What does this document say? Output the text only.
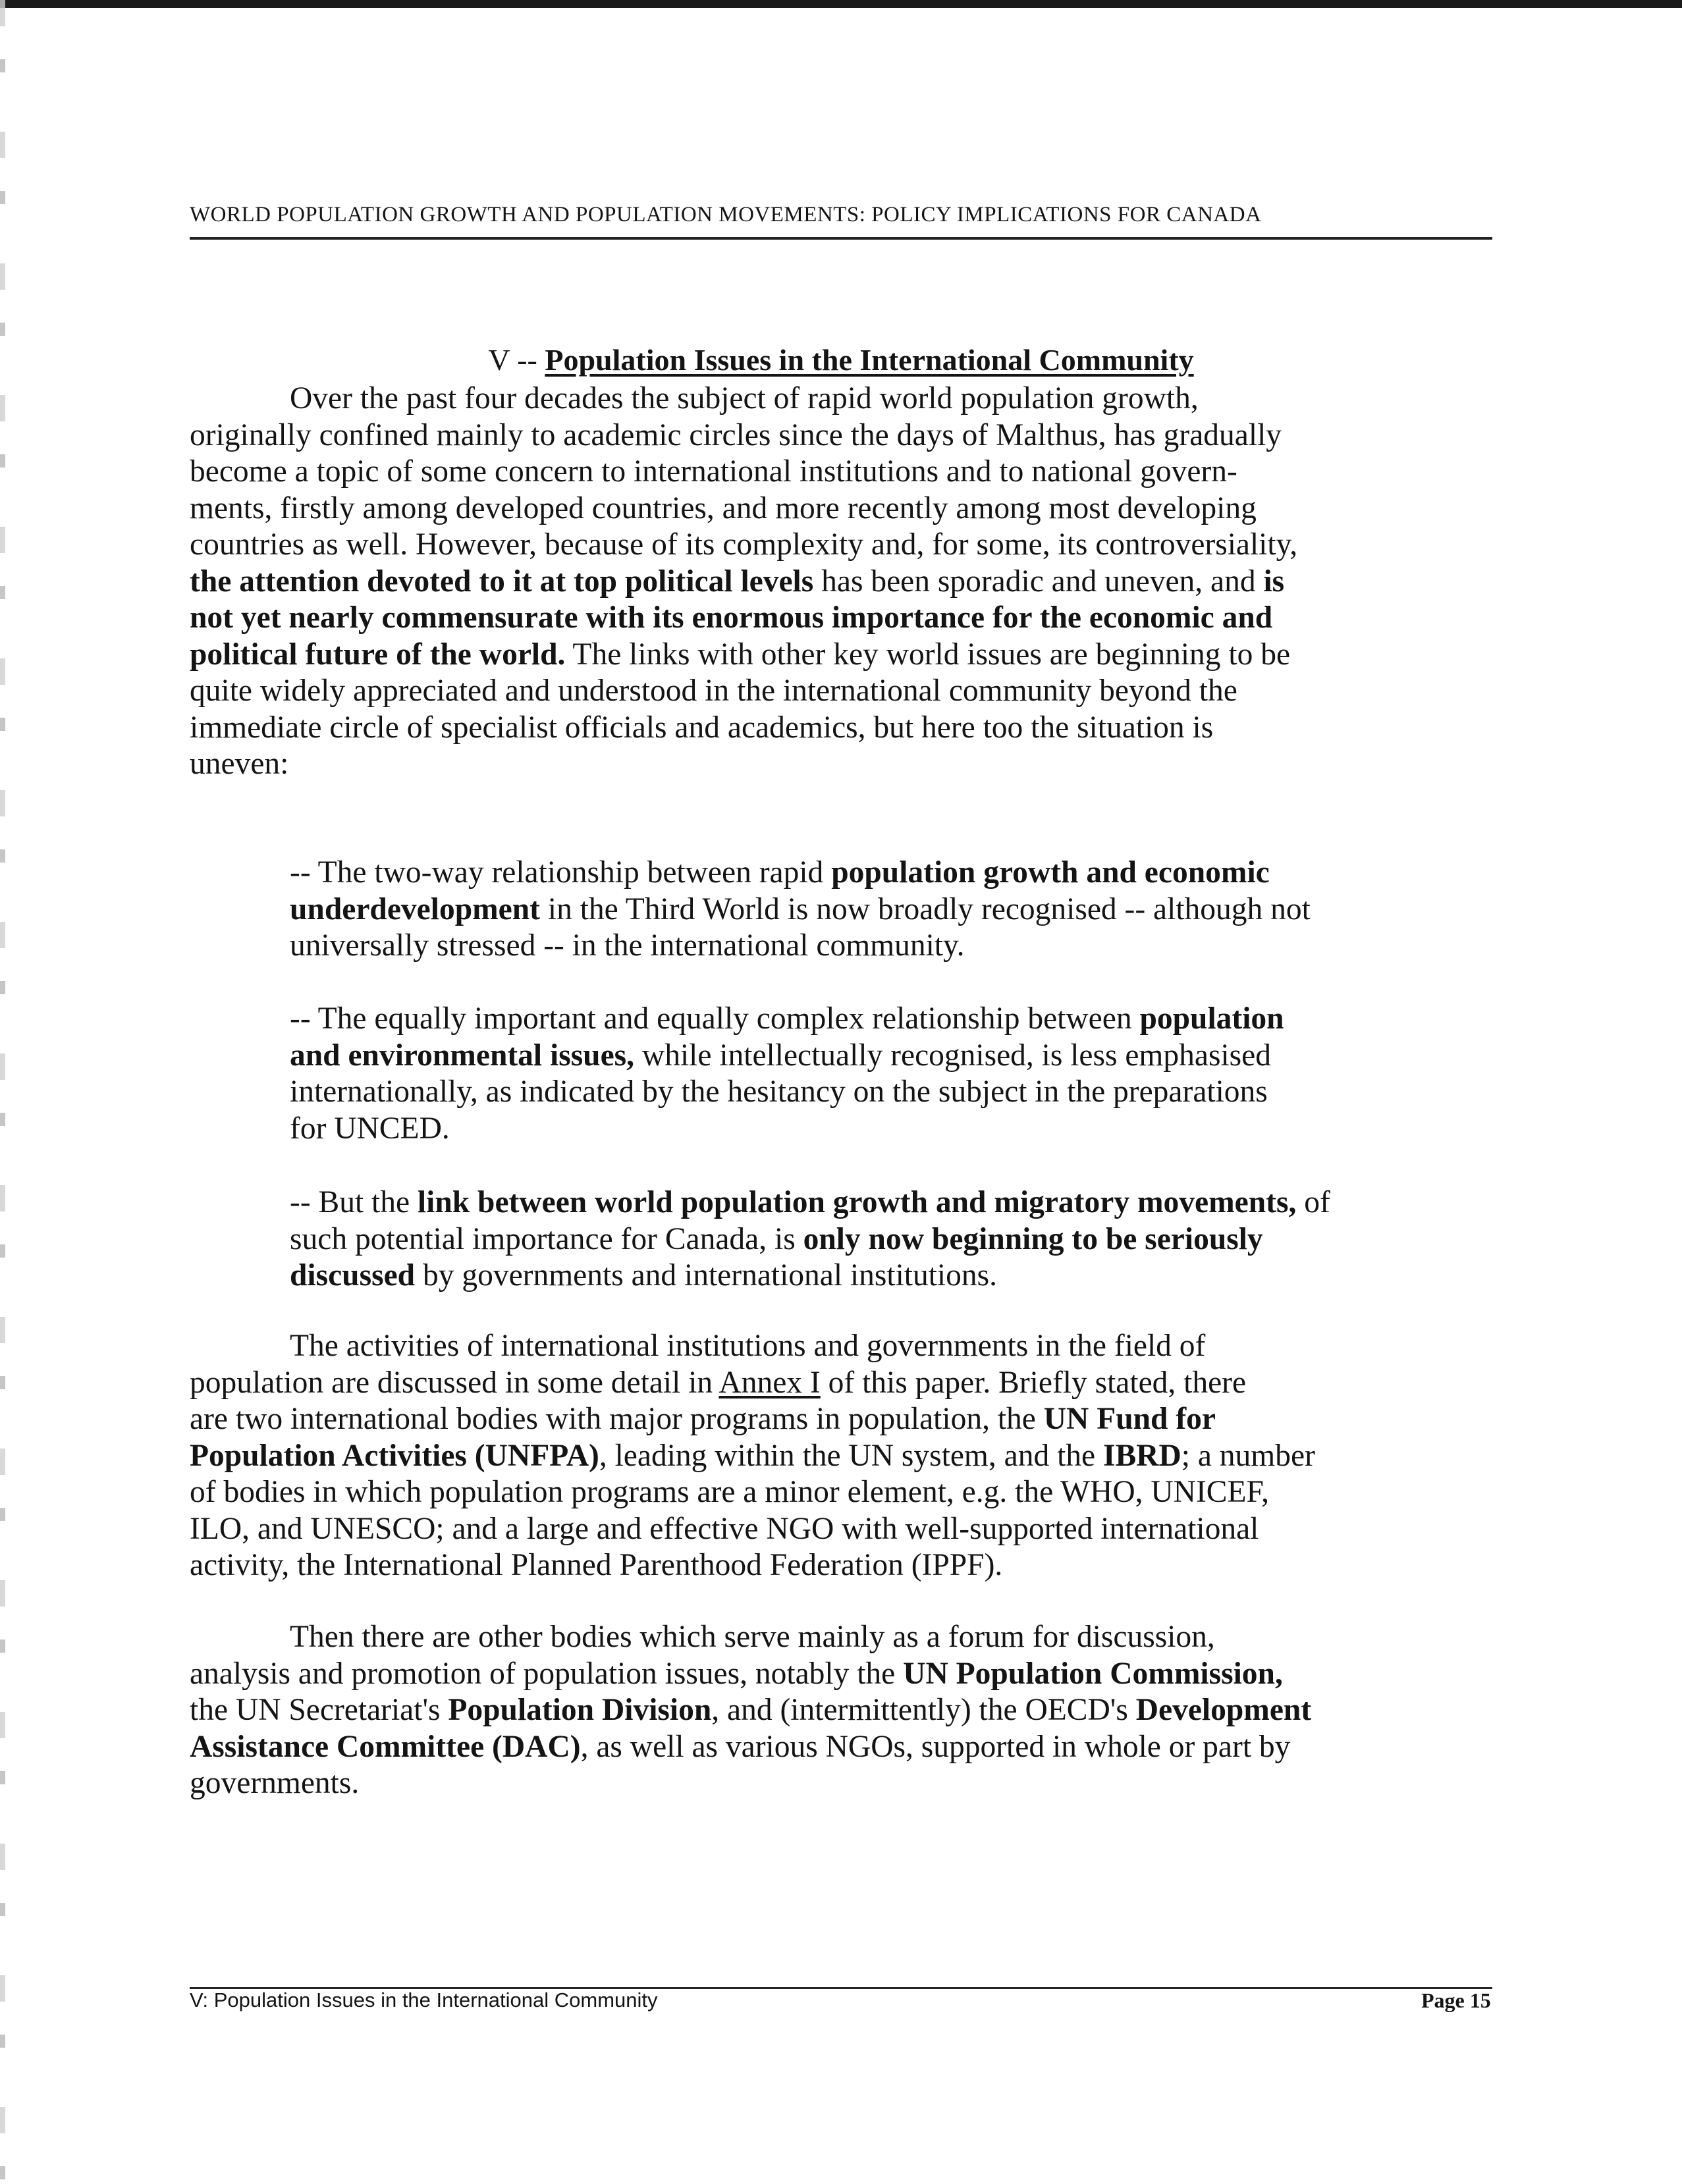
WORLD POPULATION GROWTH AND POPULATION MOVEMENTS: POLICY IMPLICATIONS FOR CANADA
V -- Population Issues in the International Community
Over the past four decades the subject of rapid world population growth,
originally confined mainly to academic circles since the days of Malthus, has gradually
become a topic of some concern to international institutions and to national govern-
ments, firstly among developed countries, and more recently among most developing
countries as well. However, because of its complexity and, for some, its controversiality,
the attention devoted to it at top political levels has been sporadic and uneven, and is
not yet nearly commensurate with its enormous importance for the economic and
political future of the world. The links with other key world issues are beginning to be
quite widely appreciated and understood in the international community beyond the
immediate circle of specialist officials and academics, but here too the situation is
uneven:
-- The two-way relationship between rapid population growth and economic
underdevelopment in the Third World is now broadly recognised -- although not
universally stressed -- in the international community.
-- The equally important and equally complex relationship between population
and environmental issues, while intellectually recognised, is less emphasised
internationally, as indicated by the hesitancy on the subject in the preparations
for UNCED.
-- But the link between world population growth and migratory movements, of
such potential importance for Canada, is only now beginning to be seriously
discussed by governments and international institutions.
The activities of international institutions and governments in the field of
population are discussed in some detail in Annex I of this paper. Briefly stated, there
are two international bodies with major programs in population, the UN Fund for
Population Activities (UNFPA), leading within the UN system, and the IBRD; a number
of bodies in which population programs are a minor element, e.g. the WHO, UNICEF,
ILO, and UNESCO; and a large and effective NGO with well-supported international
activity, the International Planned Parenthood Federation (IPPF).
Then there are other bodies which serve mainly as a forum for discussion,
analysis and promotion of population issues, notably the UN Population Commission,
the UN Secretariat's Population Division, and (intermittently) the OECD's Development
Assistance Committee (DAC), as well as various NGOs, supported in whole or part by
governments.
V: Population Issues in the International Community	Page 15
